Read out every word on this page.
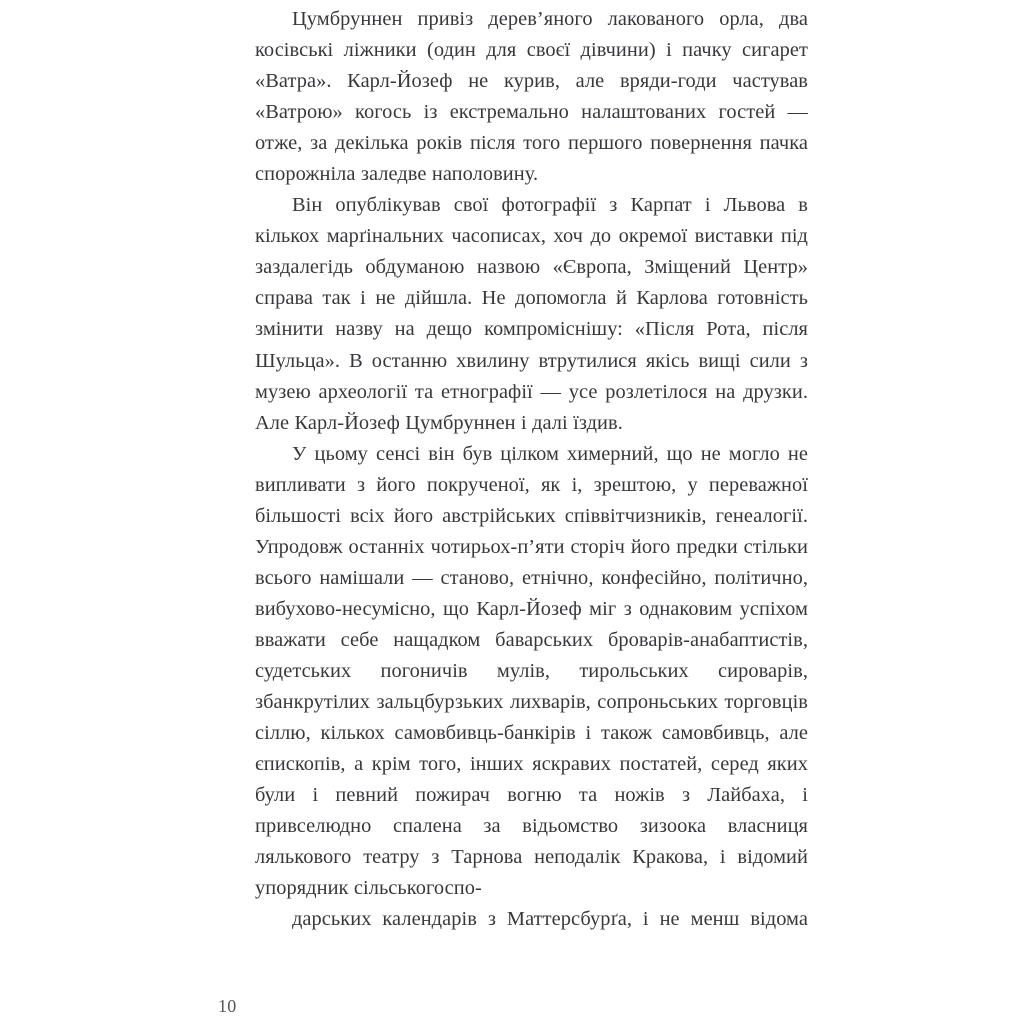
Цумбруннен привіз дерев’яного лакованого орла, два косівські ліжники (один для своєї дівчини) і пачку сигарет «Ватра». Карл-Йозеф не курив, але вряди-годи частував «Ватрою» когось із екстремально налаштованих гостей — отже, за декілька років після того першого повернення пачка спорожніла заледве наполовину.

Він опублікував свої фотографії з Карпат і Львова в кількох марґінальних часописах, хоч до окремої виставки під заздалегідь обдуманою назвою «Європа, Зміщений Центр» справа так і не дійшла. Не допомогла й Карлова готовність змінити назву на дещо компроміснішу: «Після Рота, після Шульца». В останню хвилину втрутилися якісь вищі сили з музею археології та етнографії — усе розлетілося на друзки. Але Карл-Йозеф Цумбруннен і далі їздив.

У цьому сенсі він був цілком химерний, що не могло не випливати з його покрученої, як і, зрештою, у переважної більшості всіх його австрійських співвітчизників, генеалогії. Упродовж останніх чотирьох-п’яти сторіч його предки стільки всього намішали — станово, етнічно, конфесійно, політично, вибухово-несумісно, що Карл-Йозеф міг з однаковим успіхом вважати себе нащадком баварських броварів-анабаптистів, судетських погоничів мулів, тирольських сироварів, збанкрутілих зальцбурзьких лихварів, сопроньських торговців сіллю, кількох самовбивць-банкірів і також самовбивць, але єпископів, а крім того, інших яскравих постатей, серед яких були і певний пожирач вогню та ножів з Лайбаха, і привселюдно спалена за відьомство зизоока власниця лялькового театру з Тарнова неподалік Кракова, і відомий упорядник сільськогоспо-
дарських календарів з Маттерсбурґа, і не менш відома

10
